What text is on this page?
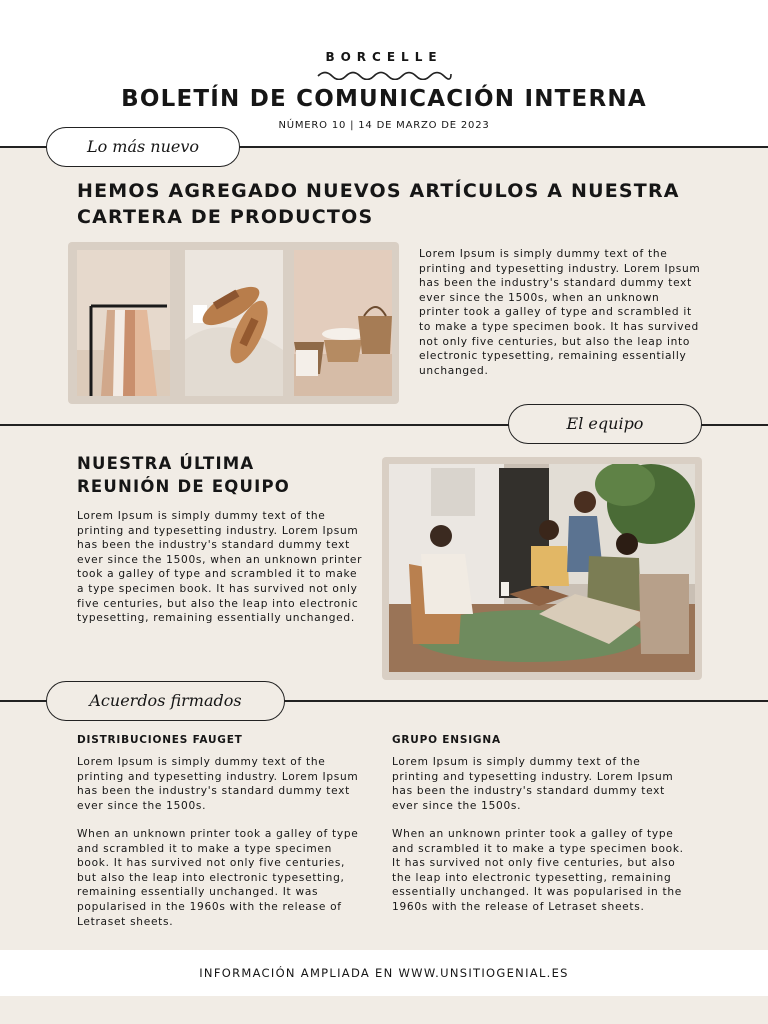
BORCELLE
BOLETÍN DE COMUNICACIÓN INTERNA
NÚMERO 10 | 14 DE MARZO DE 2023
Lo más nuevo
HEMOS AGREGADO NUEVOS ARTÍCULOS A NUESTRA
CARTERA DE PRODUCTOS
Lorem Ipsum is simply dummy text of the printing and typesetting industry. Lorem Ipsum has been the industry's standard dummy text ever since the 1500s, when an unknown printer took a galley of type and scrambled it to make a type specimen book. It has survived not only five centuries, but also the leap into electronic typesetting, remaining essentially unchanged.
El equipo
NUESTRA ÚLTIMA
REUNIÓN DE EQUIPO
Lorem Ipsum is simply dummy text of the printing and typesetting industry. Lorem Ipsum has been the industry's standard dummy text ever since the 1500s, when an unknown printer took a galley of type and scrambled it to make a type specimen book. It has survived not only five centuries, but also the leap into electronic typesetting, remaining essentially unchanged.
Acuerdos firmados
DISTRIBUCIONES FAUGET
Lorem Ipsum is simply dummy text of the printing and typesetting industry. Lorem Ipsum has been the industry's standard dummy text ever since the 1500s.
When an unknown printer took a galley of type and scrambled it to make a type specimen book. It has survived not only five centuries, but also the leap into electronic typesetting, remaining essentially unchanged. It was popularised in the 1960s with the release of Letraset sheets.
GRUPO ENSIGNA
Lorem Ipsum is simply dummy text of the printing and typesetting industry. Lorem Ipsum has been the industry's standard dummy text ever since the 1500s.
When an unknown printer took a galley of type and scrambled it to make a type specimen book. It has survived not only five centuries, but also the leap into electronic typesetting, remaining essentially unchanged. It was popularised in the 1960s with the release of Letraset sheets.
INFORMACIÓN AMPLIADA EN WWW.UNSITIOGENIAL.ES
